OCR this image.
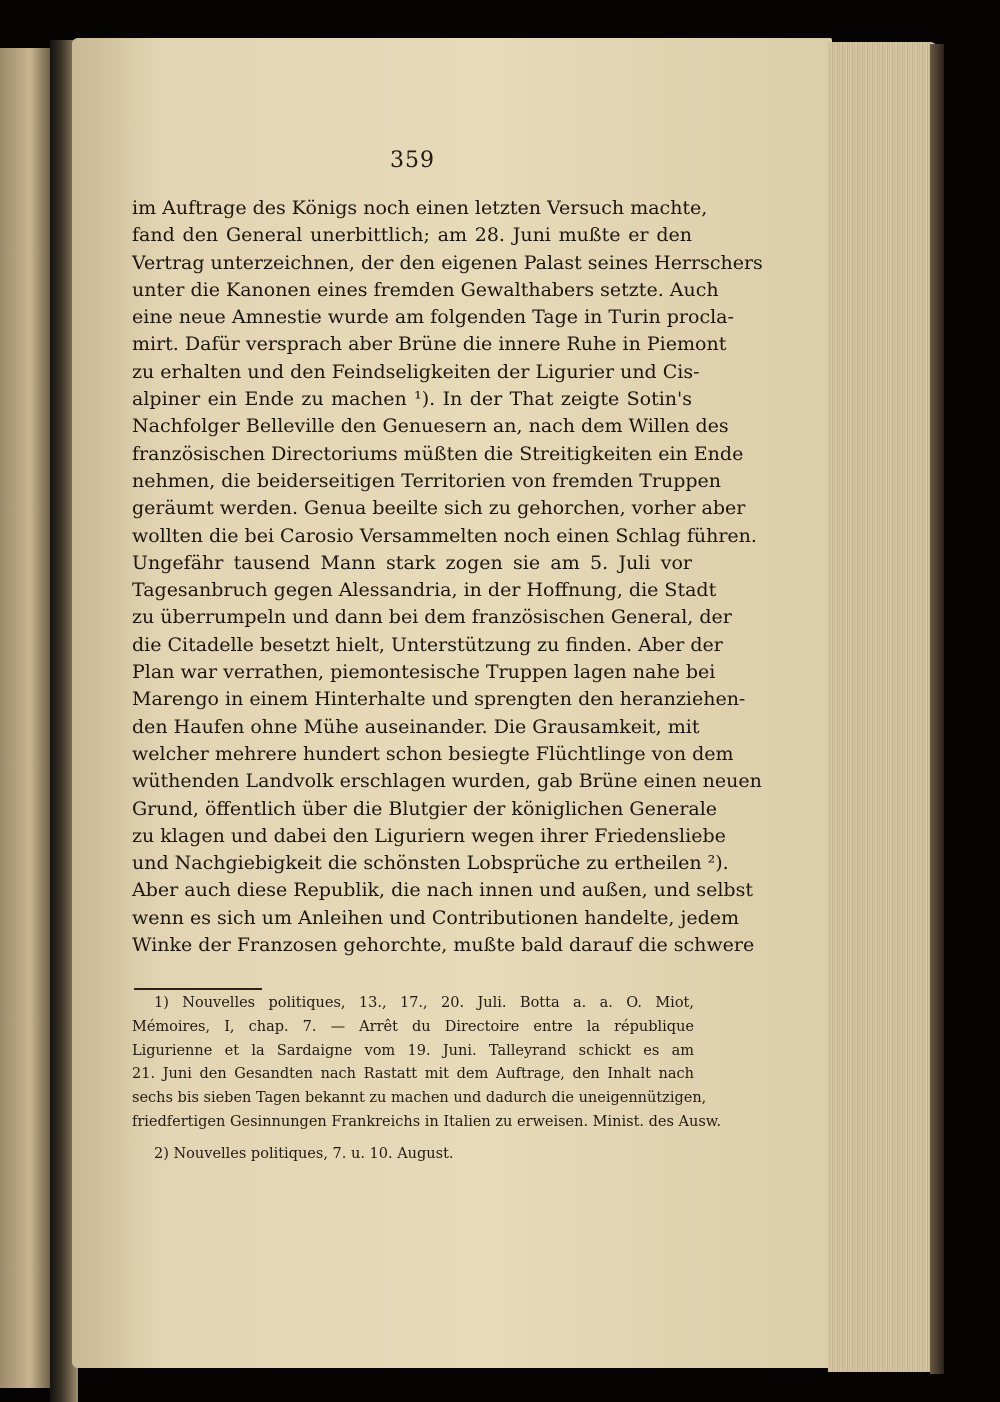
359
im Auftrage des Königs noch einen letzten Versuch machte,
fand den General unerbittlich; am 28. Juni mußte er den
Vertrag unterzeichnen, der den eigenen Palast seines Herrschers
unter die Kanonen eines fremden Gewalthabers setzte. Auch
eine neue Amnestie wurde am folgenden Tage in Turin procla-
mirt. Dafür versprach aber Brüne die innere Ruhe in Piemont
zu erhalten und den Feindseligkeiten der Ligurier und Cis-
alpiner ein Ende zu machen ¹). In der That zeigte Sotin's
Nachfolger Belleville den Genuesern an, nach dem Willen des
französischen Directoriums müßten die Streitigkeiten ein Ende
nehmen, die beiderseitigen Territorien von fremden Truppen
geräumt werden. Genua beeilte sich zu gehorchen, vorher aber
wollten die bei Carosio Versammelten noch einen Schlag führen.
Ungefähr tausend Mann stark zogen sie am 5. Juli vor
Tagesanbruch gegen Alessandria, in der Hoffnung, die Stadt
zu überrumpeln und dann bei dem französischen General, der
die Citadelle besetzt hielt, Unterstützung zu finden. Aber der
Plan war verrathen, piemontesische Truppen lagen nahe bei
Marengo in einem Hinterhalte und sprengten den heranziehen-
den Haufen ohne Mühe auseinander. Die Grausamkeit, mit
welcher mehrere hundert schon besiegte Flüchtlinge von dem
wüthenden Landvolk erschlagen wurden, gab Brüne einen neuen
Grund, öffentlich über die Blutgier der königlichen Generale
zu klagen und dabei den Liguriern wegen ihrer Friedensliebe
und Nachgiebigkeit die schönsten Lobsprüche zu ertheilen ²).
Aber auch diese Republik, die nach innen und außen, und selbst
wenn es sich um Anleihen und Contributionen handelte, jedem
Winke der Franzosen gehorchte, mußte bald darauf die schwere
1) Nouvelles politiques, 13., 17., 20. Juli. Botta a. a. O. Miot,
Mémoires, I, chap. 7. — Arrêt du Directoire entre la république
Ligurienne et la Sardaigne vom 19. Juni. Talleyrand schickt es am
21. Juni den Gesandten nach Rastatt mit dem Auftrage, den Inhalt nach
sechs bis sieben Tagen bekannt zu machen und dadurch die uneigennützigen,
friedfertigen Gesinnungen Frankreichs in Italien zu erweisen. Minist. des Ausw.
2) Nouvelles politiques, 7. u. 10. August.
